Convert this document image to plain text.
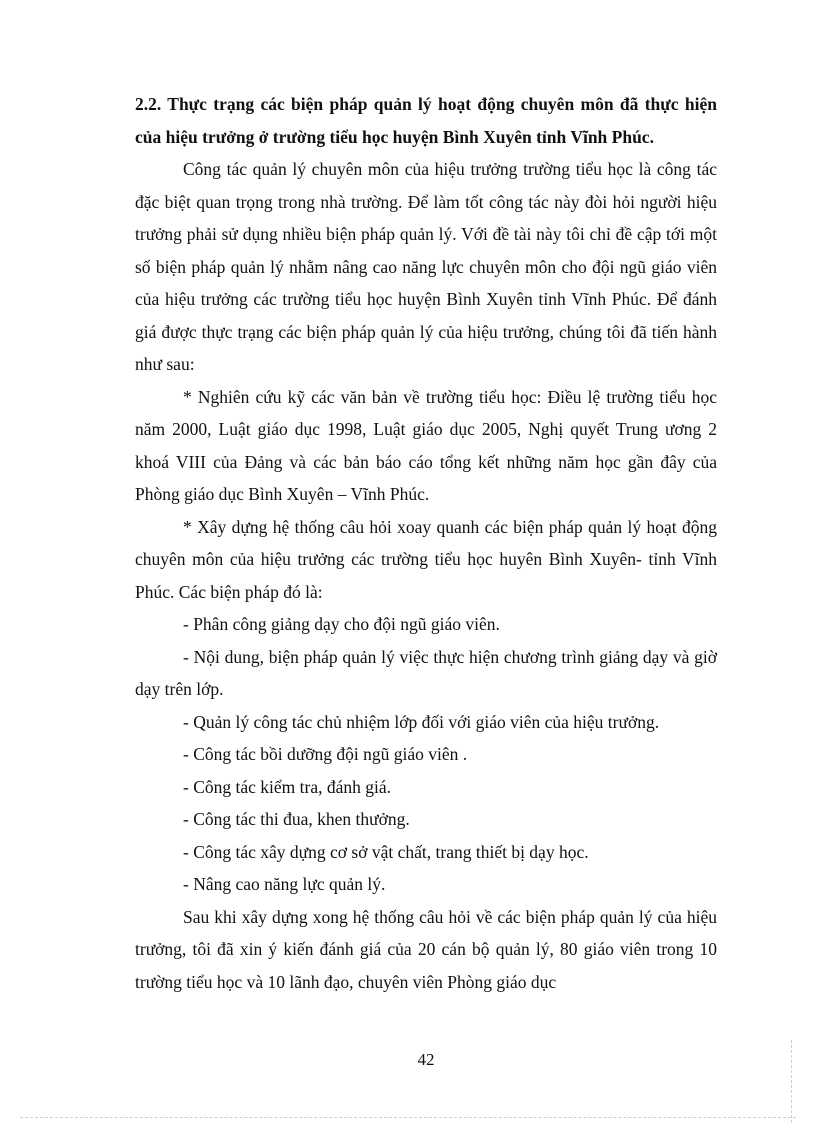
2.2. Thực trạng các biện pháp quản lý hoạt động chuyên môn đã thực hiện của hiệu trưởng ở trường tiểu học huyện Bình Xuyên tỉnh Vĩnh Phúc.

Công tác quản lý chuyên môn của hiệu trưởng trường tiểu học là công tác đặc biệt quan trọng trong nhà trường. Để làm tốt công tác này đòi hỏi người hiệu trưởng phải sử dụng nhiều biện pháp quản lý. Với đề tài này tôi chỉ đề cập tới một số biện pháp quản lý nhằm nâng cao năng lực chuyên môn cho đội ngũ giáo viên của hiệu trưởng các trường tiểu học huyện Bình Xuyên tỉnh Vĩnh Phúc. Để đánh giá được thực trạng các biện pháp quản lý của hiệu trưởng, chúng tôi đã tiến hành như sau:

* Nghiên cứu kỹ các văn bản về trường tiểu học: Điều lệ trường tiểu học năm 2000, Luật giáo dục 1998, Luật giáo dục 2005, Nghị quyết Trung ương 2 khoá VIII của Đảng và các bản báo cáo tổng kết những năm học gần đây của Phòng giáo dục Bình Xuyên – Vĩnh Phúc.

* Xây dựng hệ thống câu hỏi xoay quanh các biện pháp quản lý hoạt động chuyên môn của hiệu trưởng các trường tiểu học huyên Bình Xuyên- tỉnh Vĩnh Phúc. Các biện pháp đó là:

- Phân công giảng dạy cho đội ngũ giáo viên.

- Nội dung, biện pháp quản lý việc thực hiện chương trình giảng dạy và giờ dạy trên lớp.

- Quản lý công tác chủ nhiệm lớp đối với giáo viên của hiệu trưởng.

- Công tác bồi dưỡng đội ngũ giáo viên .

- Công tác kiểm tra, đánh giá.

- Công tác thi đua, khen thưởng.

- Công tác xây dựng cơ sở vật chất, trang thiết bị dạy học.

- Nâng cao năng lực quản lý.

Sau khi xây dựng xong hệ thống câu hỏi về các biện pháp quản lý của hiệu trưởng, tôi đã xin ý kiến đánh giá của 20 cán bộ quản lý, 80 giáo viên trong 10 trường tiểu học và 10 lãnh đạo, chuyên viên Phòng giáo dục

42
